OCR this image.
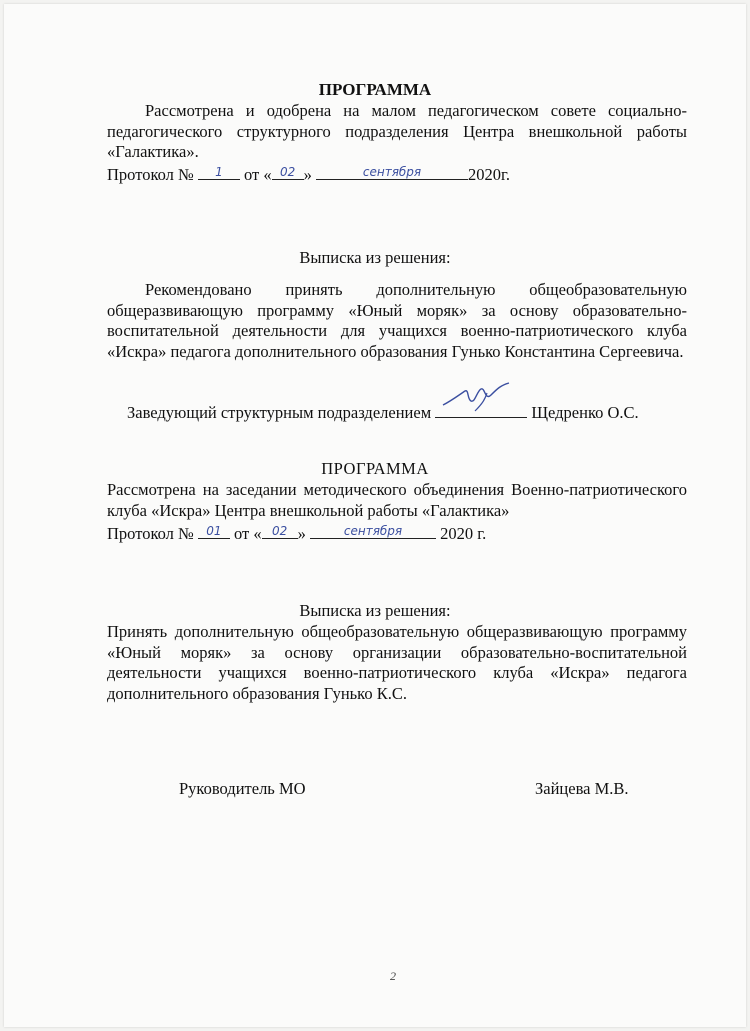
ПРОГРАММА
Рассмотрена и одобрена на малом педагогическом совете социально-педагогического структурного подразделения Центра внешкольной работы «Галактика».
Протокол №	1	от « 02 »	сентября	2020г.
Выписка из решения:
Рекомендовано принять дополнительную общеобразовательную общеразвивающую программу «Юный моряк» за основу образовательно-воспитательной деятельности для учащихся военно-патриотического клуба «Искра» педагога дополнительного образования Гунько Константина Сергеевича.
Заведующий структурным подразделением	Щедренко О.С.
ПРОГРАММА
Рассмотрена на заседании методического объединения Военно-патриотического клуба «Искра» Центра внешкольной работы «Галактика»
Протокол №	01 от « 02 »	сентября	2020 г.
Выписка из решения:
Принять дополнительную общеобразовательную общеразвивающую программу «Юный моряк» за основу организации образовательно-воспитательной деятельности учащихся военно-патриотического клуба «Искра» педагога дополнительного образования Гунько К.С.
Руководитель МО	Зайцева М.В.
2
